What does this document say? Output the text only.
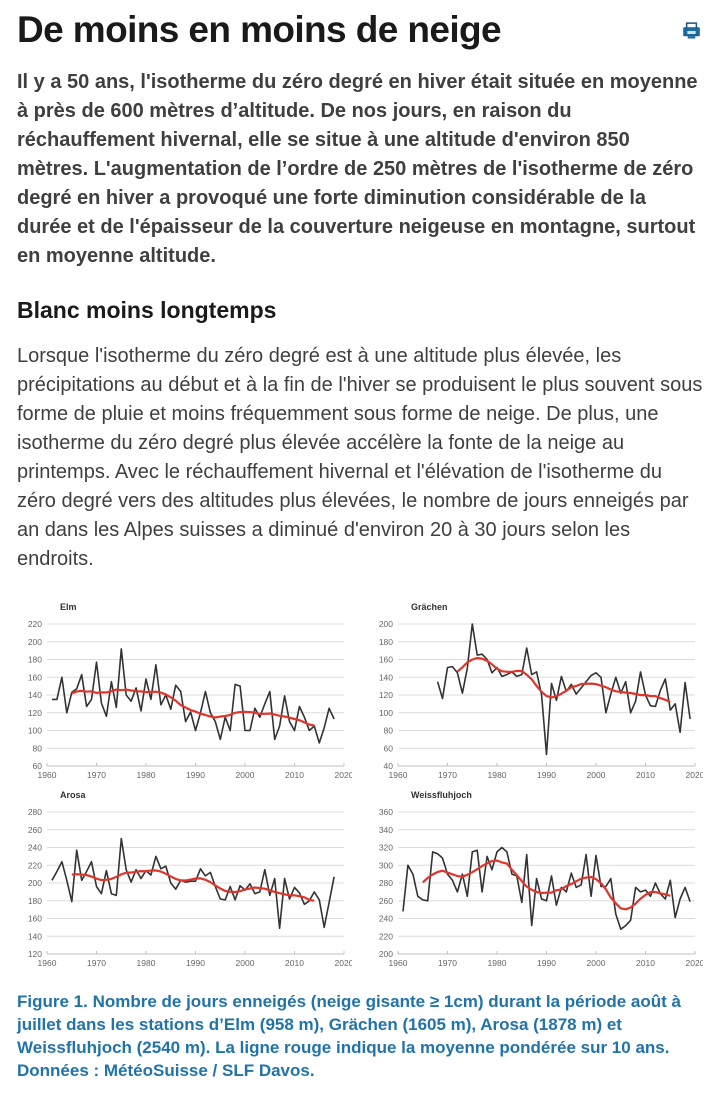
De moins en moins de neige

Il y a 50 ans, l'isotherme du zéro degré en hiver était située en moyenne à près de 600 mètres d’altitude. De nos jours, en raison du réchauffement hivernal, elle se situe à une altitude d'environ 850 mètres. L'augmentation de l’ordre de 250 mètres de l'isotherme de zéro degré en hiver a provoqué une forte diminution considérable de la durée et de l'épaisseur de la couverture neigeuse en montagne, surtout en moyenne altitude.

Blanc moins longtemps

Lorsque l'isotherme du zéro degré est à une altitude plus élevée, les précipitations au début et à la fin de l'hiver se produisent le plus souvent sous forme de pluie et moins fréquemment sous forme de neige. De plus, une isotherme du zéro degré plus élevée accélère la fonte de la neige au printemps. Avec le réchauffement hivernal et l'élévation de l'isotherme du zéro degré vers des altitudes plus élevées, le nombre de jours enneigés par an dans les Alpes suisses a diminué d'environ 20 à 30 jours selon les endroits.

60
80
100
120
140
160
180
200
220
1960	1970	1980	1990	2000	2010	2020
Elm
40
60
80
100
120
140
160
180
200
1960	1970	1980	1990	2000	2010	2020
Grächen
120
140
160
180
200
220
240
260
280
1960	1970	1980	1990	2000	2010	2020
Arosa
200
220
240
260
280
300
320
340
360
1960	1970	1980	1990	2000	2010	2020
Weissfluhjoch

Figure 1. Nombre de jours enneigés (neige gisante ≥ 1cm) durant la période août à juillet dans les stations d’Elm (958 m), Grächen (1605 m), Arosa (1878 m) et Weissfluhjoch (2540 m). La ligne rouge indique la moyenne pondérée sur 10 ans. Données : MétéoSuisse / SLF Davos.
